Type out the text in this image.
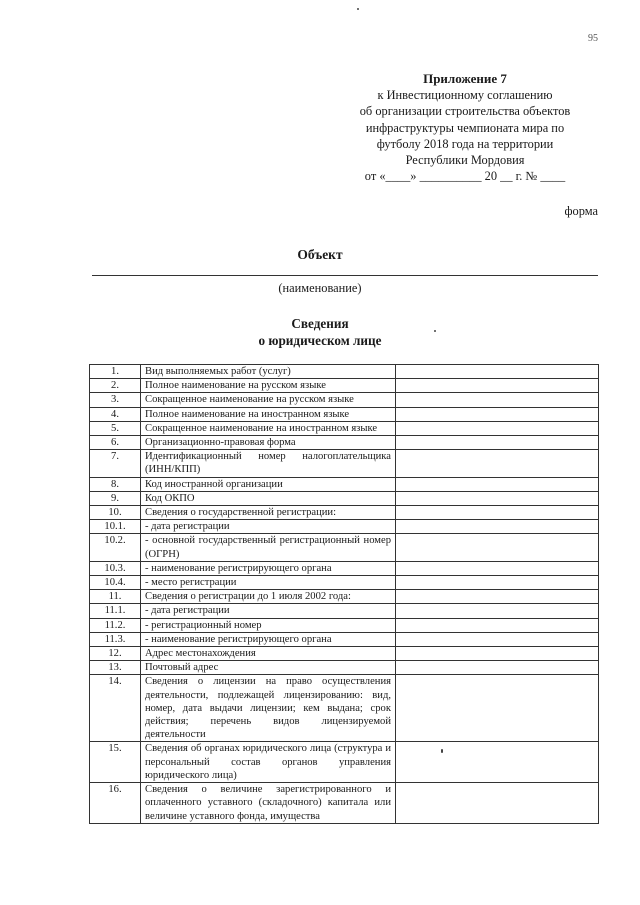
95
Приложение 7
к Инвестиционному соглашению
об организации строительства объектов
инфраструктуры чемпионата мира по
футболу 2018 года на территории
Республики Мордовия
от «____» __________ 20 __ г. № ____
форма
Объект
(наименование)
Сведения
о юридическом лице
1.	Вид выполняемых работ (услуг)	
2.	Полное наименование на русском языке	
3.	Сокращенное наименование на русском языке	
4.	Полное наименование на иностранном языке	
5.	Сокращенное наименование на иностранном языке	
6.	Организационно-правовая форма	
7.	Идентификационный номер налогоплательщика (ИНН/КПП)	
8.	Код иностранной организации	
9.	Код ОКПО	
10.	Сведения о государственной регистрации:	
10.1.	- дата регистрации	
10.2.	- основной государственный регистрационный номер (ОГРН)	
10.3.	- наименование регистрирующего органа	
10.4.	- место регистрации	
11.	Сведения о регистрации до 1 июля 2002 года:	
11.1.	- дата регистрации	
11.2.	- регистрационный номер	
11.3.	- наименование регистрирующего органа	
12.	Адрес местонахождения	
13.	Почтовый адрес	
14.	Сведения о лицензии на право осуществления деятельности, подлежащей лицензированию: вид, номер, дата выдачи лицензии; кем выдана; срок действия; перечень видов лицензируемой деятельности	
15.	Сведения об органах юридического лица (структура и персональный состав органов управления юридического лица)	
16.	Сведения о величине зарегистрированного и оплаченного уставного (складочного) капитала или величине уставного фонда, имущества	
